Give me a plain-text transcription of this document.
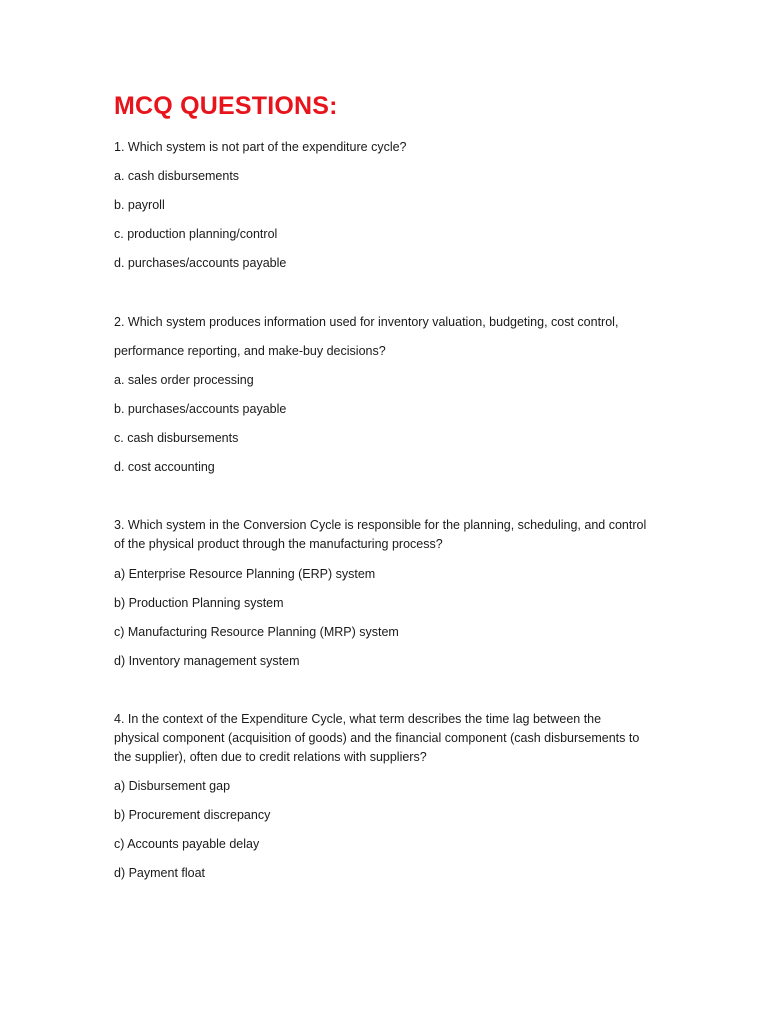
MCQ QUESTIONS:

1. Which system is not part of the expenditure cycle?

a. cash disbursements

b. payroll

c. production planning/control

d. purchases/accounts payable

2. Which system produces information used for inventory valuation, budgeting, cost control,

performance reporting, and make-buy decisions?

a. sales order processing

b. purchases/accounts payable

c. cash disbursements

d. cost accounting

3. Which system in the Conversion Cycle is responsible for the planning, scheduling, and control

of the physical product through the manufacturing process?

a) Enterprise Resource Planning (ERP) system

b) Production Planning system

c) Manufacturing Resource Planning (MRP) system

d) Inventory management system

4. In the context of the Expenditure Cycle, what term describes the time lag between the

physical component (acquisition of goods) and the financial component (cash disbursements to

the supplier), often due to credit relations with suppliers?

a) Disbursement gap

b) Procurement discrepancy

c) Accounts payable delay

d) Payment float
